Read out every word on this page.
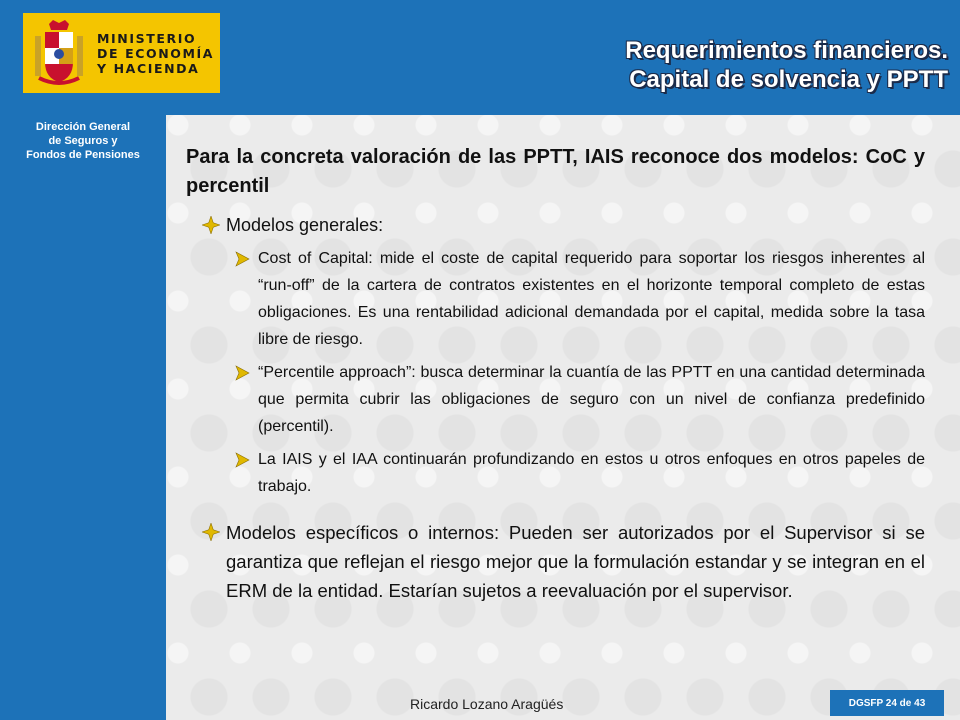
MINISTERIO
DE ECONOMÍA
Y HACIENDA
Dirección General
de Seguros y
Fondos de Pensiones
Requerimientos financieros.
Capital de solvencia y PPTT

Para la concreta valoración de las PPTT, IAIS reconoce dos modelos: CoC y percentil

Modelos generales:
Cost of Capital: mide el coste de capital requerido para soportar los riesgos inherentes al “run-off” de la cartera de contratos existentes en el horizonte temporal completo de estas obligaciones. Es una rentabilidad adicional demandada por el capital, medida sobre la tasa libre de riesgo.
“Percentile approach”: busca determinar la cuantía de las PPTT en una cantidad determinada que permita cubrir las obligaciones de seguro con un nivel de confianza predefinido (percentil).
La IAIS y el IAA continuarán profundizando en estos u otros enfoques en otros papeles de trabajo.
Modelos específicos o internos: Pueden ser autorizados por el Supervisor si se garantiza que reflejan el riesgo mejor que la formulación estandar y se integran en el ERM de la entidad. Estarían sujetos a reevaluación por el supervisor.
Ricardo Lozano Aragüés	DGSFP 24 de 43
